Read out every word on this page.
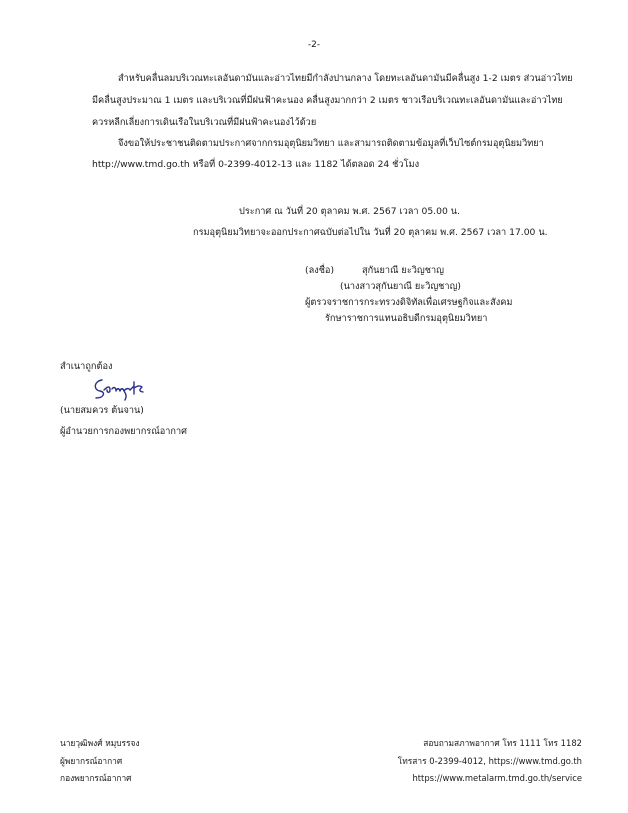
-2-
สำหรับคลื่นลมบริเวณทะเลอันดามันและอ่าวไทยมีกำลังปานกลาง โดยทะเลอันดามันมีคลื่นสูง 1-2 เมตร ส่วนอ่าวไทย
มีคลื่นสูงประมาณ 1 เมตร และบริเวณที่มีฝนฟ้าคะนอง คลื่นสูงมากกว่า 2 เมตร ชาวเรือบริเวณทะเลอันดามันและอ่าวไทย
ควรหลีกเลี่ยงการเดินเรือในบริเวณที่มีฝนฟ้าคะนองไว้ด้วย
จึงขอให้ประชาชนติดตามประกาศจากกรมอุตุนิยมวิทยา และสามารถติดตามข้อมูลที่เว็บไซต์กรมอุตุนิยมวิทยา
http://www.tmd.go.th หรือที่ 0-2399-4012-13 และ 1182 ได้ตลอด 24 ชั่วโมง
ประกาศ ณ วันที่ 20 ตุลาคม พ.ศ. 2567 เวลา 05.00 น.
กรมอุตุนิยมวิทยาจะออกประกาศฉบับต่อไปใน วันที่ 20 ตุลาคม พ.ศ. 2567 เวลา 17.00 น.
(ลงชื่อ)	สุกันยาณี ยะวิญชาญ
(นางสาวสุกันยาณี ยะวิญชาญ)
ผู้ตรวจราชการกระทรวงดิจิทัลเพื่อเศรษฐกิจและสังคม
รักษาราชการแทนอธิบดีกรมอุตุนิยมวิทยา
สำเนาถูกต้อง
(นายสมควร ต้นจาน)
ผู้อำนวยการกองพยากรณ์อากาศ
นายวุฒิพงศ์ หมุบรรจง
ผู้พยากรณ์อากาศ
กองพยากรณ์อากาศ
สอบถามสภาพอากาศ โทร 1111 โทร 1182
โทรสาร 0-2399-4012, https://www.tmd.go.th
https://www.metalarm.tmd.go.th/service
